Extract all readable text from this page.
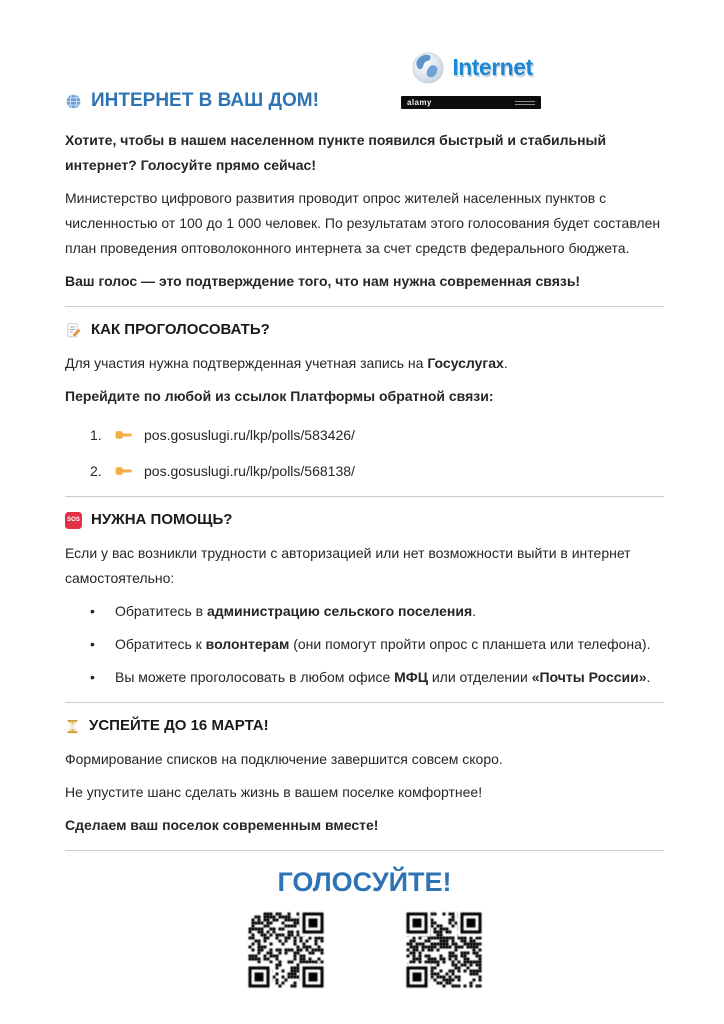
Internet
alamy
ИНТЕРНЕТ В ВАШ ДОМ!

Хотите, чтобы в нашем населенном пункте появился быстрый и стабильный интернет? Голосуйте прямо сейчас!

Министерство цифрового развития проводит опрос жителей населенных пунктов с численностью от 100 до 1 000 человек. По результатам этого голосования будет составлен план проведения оптоволоконного интернета за счет средств федерального бюджета.

Ваш голос — это подтверждение того, что нам нужна современная связь!

КАК ПРОГОЛОСОВАТЬ?

Для участия нужна подтвержденная учетная запись на Госуслугах.

Перейдите по любой из ссылок Платформы обратной связи:

1.	pos.gosuslugi.ru/lkp/polls/583426/
2.	pos.gosuslugi.ru/lkp/polls/568138/
SOS НУЖНА ПОМОЩЬ?

Если у вас возникли трудности с авторизацией или нет возможности выйти в интернет самостоятельно:

•	Обратитесь в администрацию сельского поселения.
•	Обратитесь к волонтерам (они помогут пройти опрос с планшета или телефона).
•	Вы можете проголосовать в любом офисе МФЦ или отделении «Почты России».
УСПЕЙТЕ ДО 16 МАРТА!

Формирование списков на подключение завершится совсем скоро.

Не упустите шанс сделать жизнь в вашем поселке комфортнее!

Сделаем ваш поселок современным вместе!

ГОЛОСУЙТЕ!
